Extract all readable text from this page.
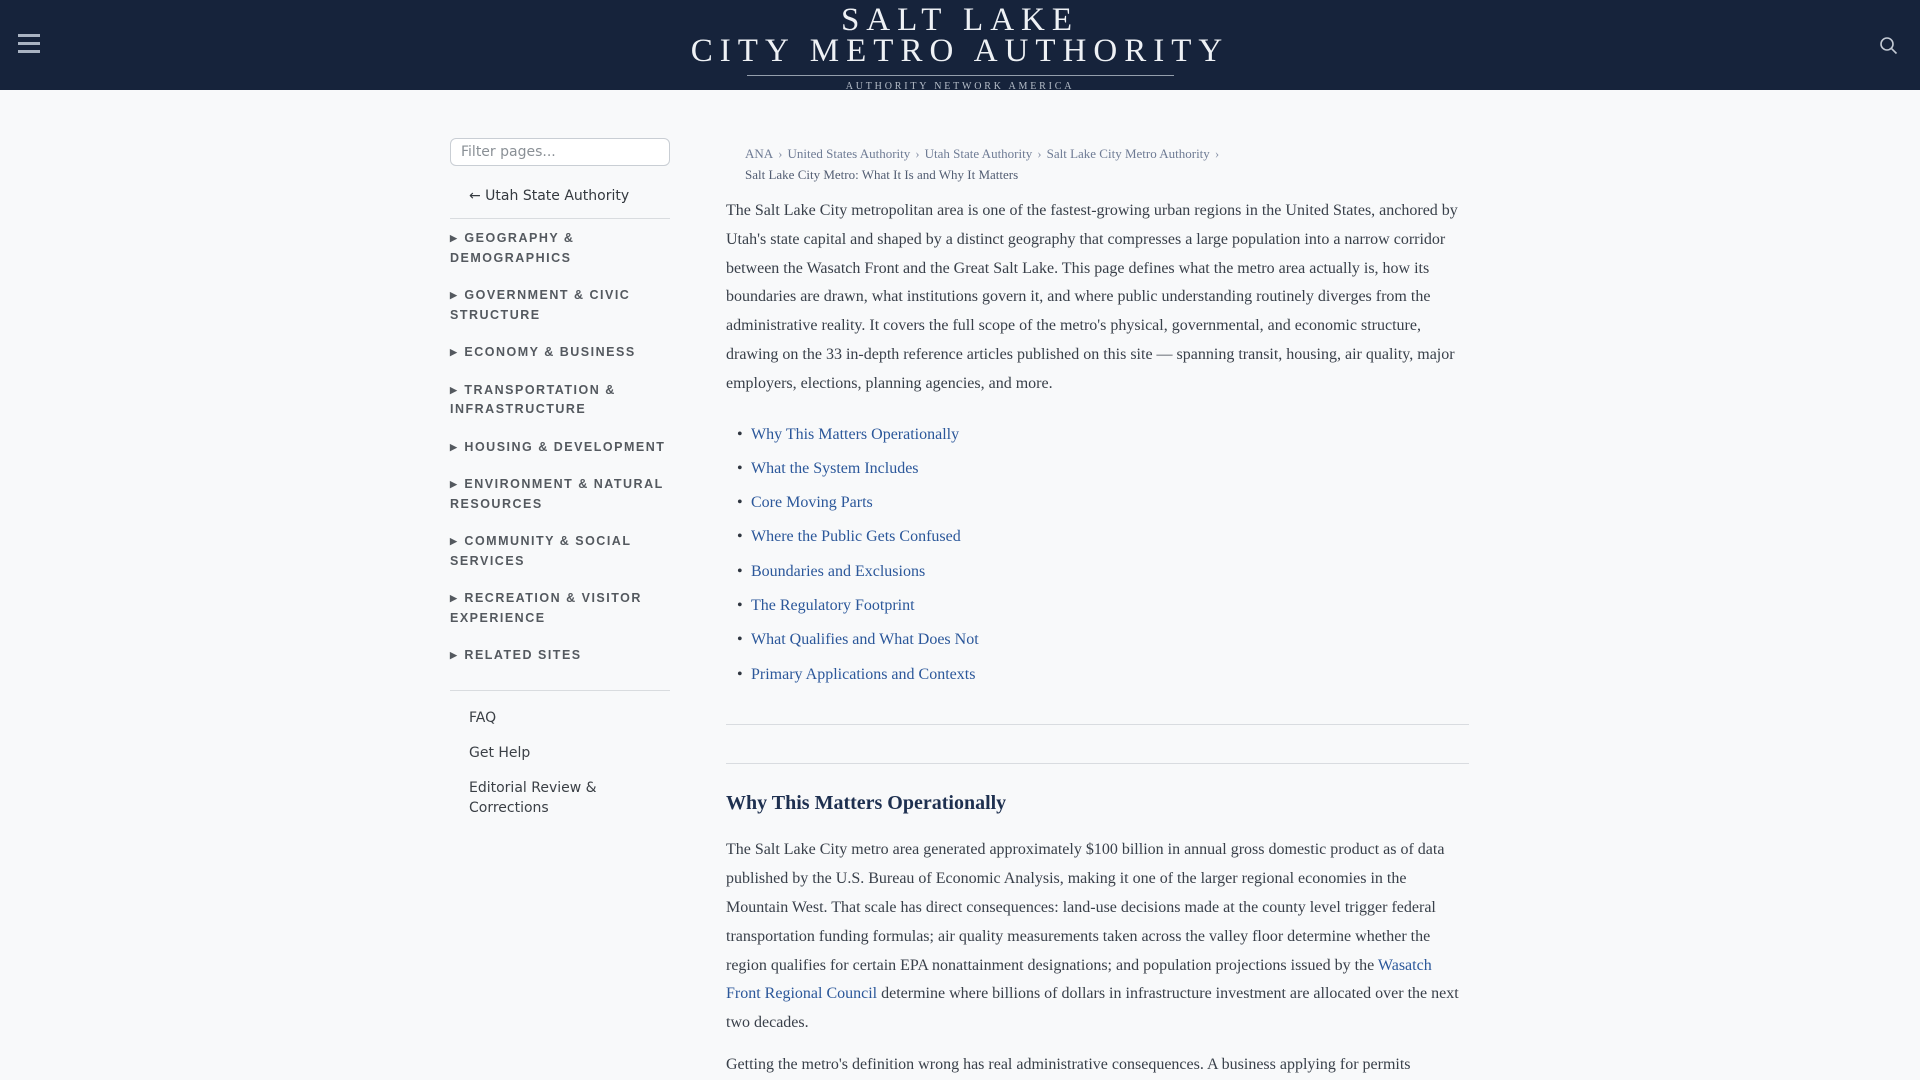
SALT LAKE
CITY METRO AUTHORITY
AUTHORITY NETWORK AMERICA
Filter pages...
← Utah State Authority
▶ GEOGRAPHY & DEMOGRAPHICS
▶ GOVERNMENT & CIVIC STRUCTURE
▶ ECONOMY & BUSINESS
▶ TRANSPORTATION & INFRASTRUCTURE
▶ HOUSING & DEVELOPMENT
▶ ENVIRONMENT & NATURAL RESOURCES
▶ COMMUNITY & SOCIAL SERVICES
▶ RECREATION & VISITOR EXPERIENCE
▶ RELATED SITES
FAQ
Get Help
Editorial Review & Corrections
ANA › United States Authority › Utah State Authority › Salt Lake City Metro Authority ›
Salt Lake City Metro: What It Is and Why It Matters

The Salt Lake City metropolitan area is one of the fastest-growing urban regions in the United States, anchored by Utah's state capital and shaped by a distinct geography that compresses a large population into a narrow corridor between the Wasatch Front and the Great Salt Lake. This page defines what the metro area actually is, how its boundaries are drawn, what institutions govern it, and where public understanding routinely diverges from the administrative reality. It covers the full scope of the metro's physical, governmental, and economic structure, drawing on the 33 in-depth reference articles published on this site — spanning transit, housing, air quality, major employers, elections, planning agencies, and more.

• Why This Matters Operationally
• What the System Includes
• Core Moving Parts
• Where the Public Gets Confused
• Boundaries and Exclusions
• The Regulatory Footprint
• What Qualifies and What Does Not
• Primary Applications and Contexts
Why This Matters Operationally

The Salt Lake City metro area generated approximately $100 billion in annual gross domestic product as of data published by the U.S. Bureau of Economic Analysis, making it one of the larger regional economies in the Mountain West. That scale has direct consequences: land-use decisions made at the county level trigger federal transportation funding formulas; air quality measurements taken across the valley floor determine whether the region qualifies for certain EPA nonattainment designations; and population projections issued by the Wasatch Front Regional Council determine where billions of dollars in infrastructure investment are allocated over the next two decades.

Getting the metro's definition wrong has real administrative consequences. A business applying for permits
